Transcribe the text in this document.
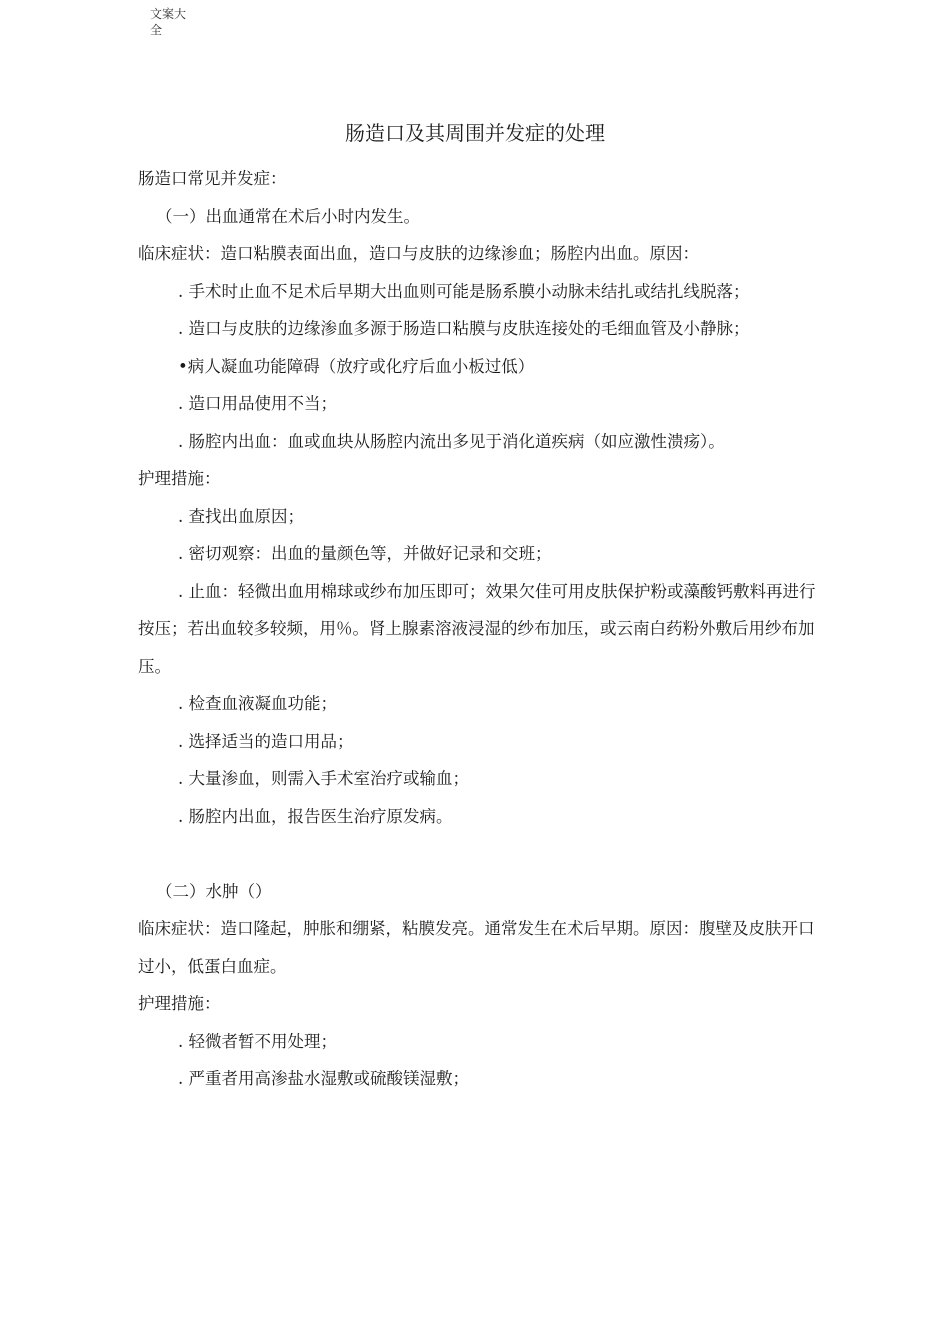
文案大
全
肠造口及其周围并发症的处理

肠造口常见并发症：

（一）出血通常在术后小时内发生。

临床症状：造口粘膜表面出血，造口与皮肤的边缘渗血；肠腔内出血。原因：

. 手术时止血不足术后早期大出血则可能是肠系膜小动脉未结扎或结扎线脱落；

. 造口与皮肤的边缘渗血多源于肠造口粘膜与皮肤连接处的毛细血管及小静脉；

•病人凝血功能障碍（放疗或化疗后血小板过低）

. 造口用品使用不当；

. 肠腔内出血：血或血块从肠腔内流出多见于消化道疾病（如应激性溃疡）。

护理措施：

. 查找出血原因；

. 密切观察：出血的量颜色等，并做好记录和交班；

. 止血：轻微出血用棉球或纱布加压即可；效果欠佳可用皮肤保护粉或藻酸钙敷料再进行按压；若出血较多较频，用％。肾上腺素溶液浸湿的纱布加压，或云南白药粉外敷后用纱布加压。

. 检查血液凝血功能；

. 选择适当的造口用品；

. 大量渗血，则需入手术室治疗或输血；

. 肠腔内出血，报告医生治疗原发病。

（二）水肿（）

临床症状：造口隆起，肿胀和绷紧，粘膜发亮。通常发生在术后早期。原因：腹壁及皮肤开口过小，低蛋白血症。

护理措施：

. 轻微者暂不用处理；

. 严重者用高渗盐水湿敷或硫酸镁湿敷；
